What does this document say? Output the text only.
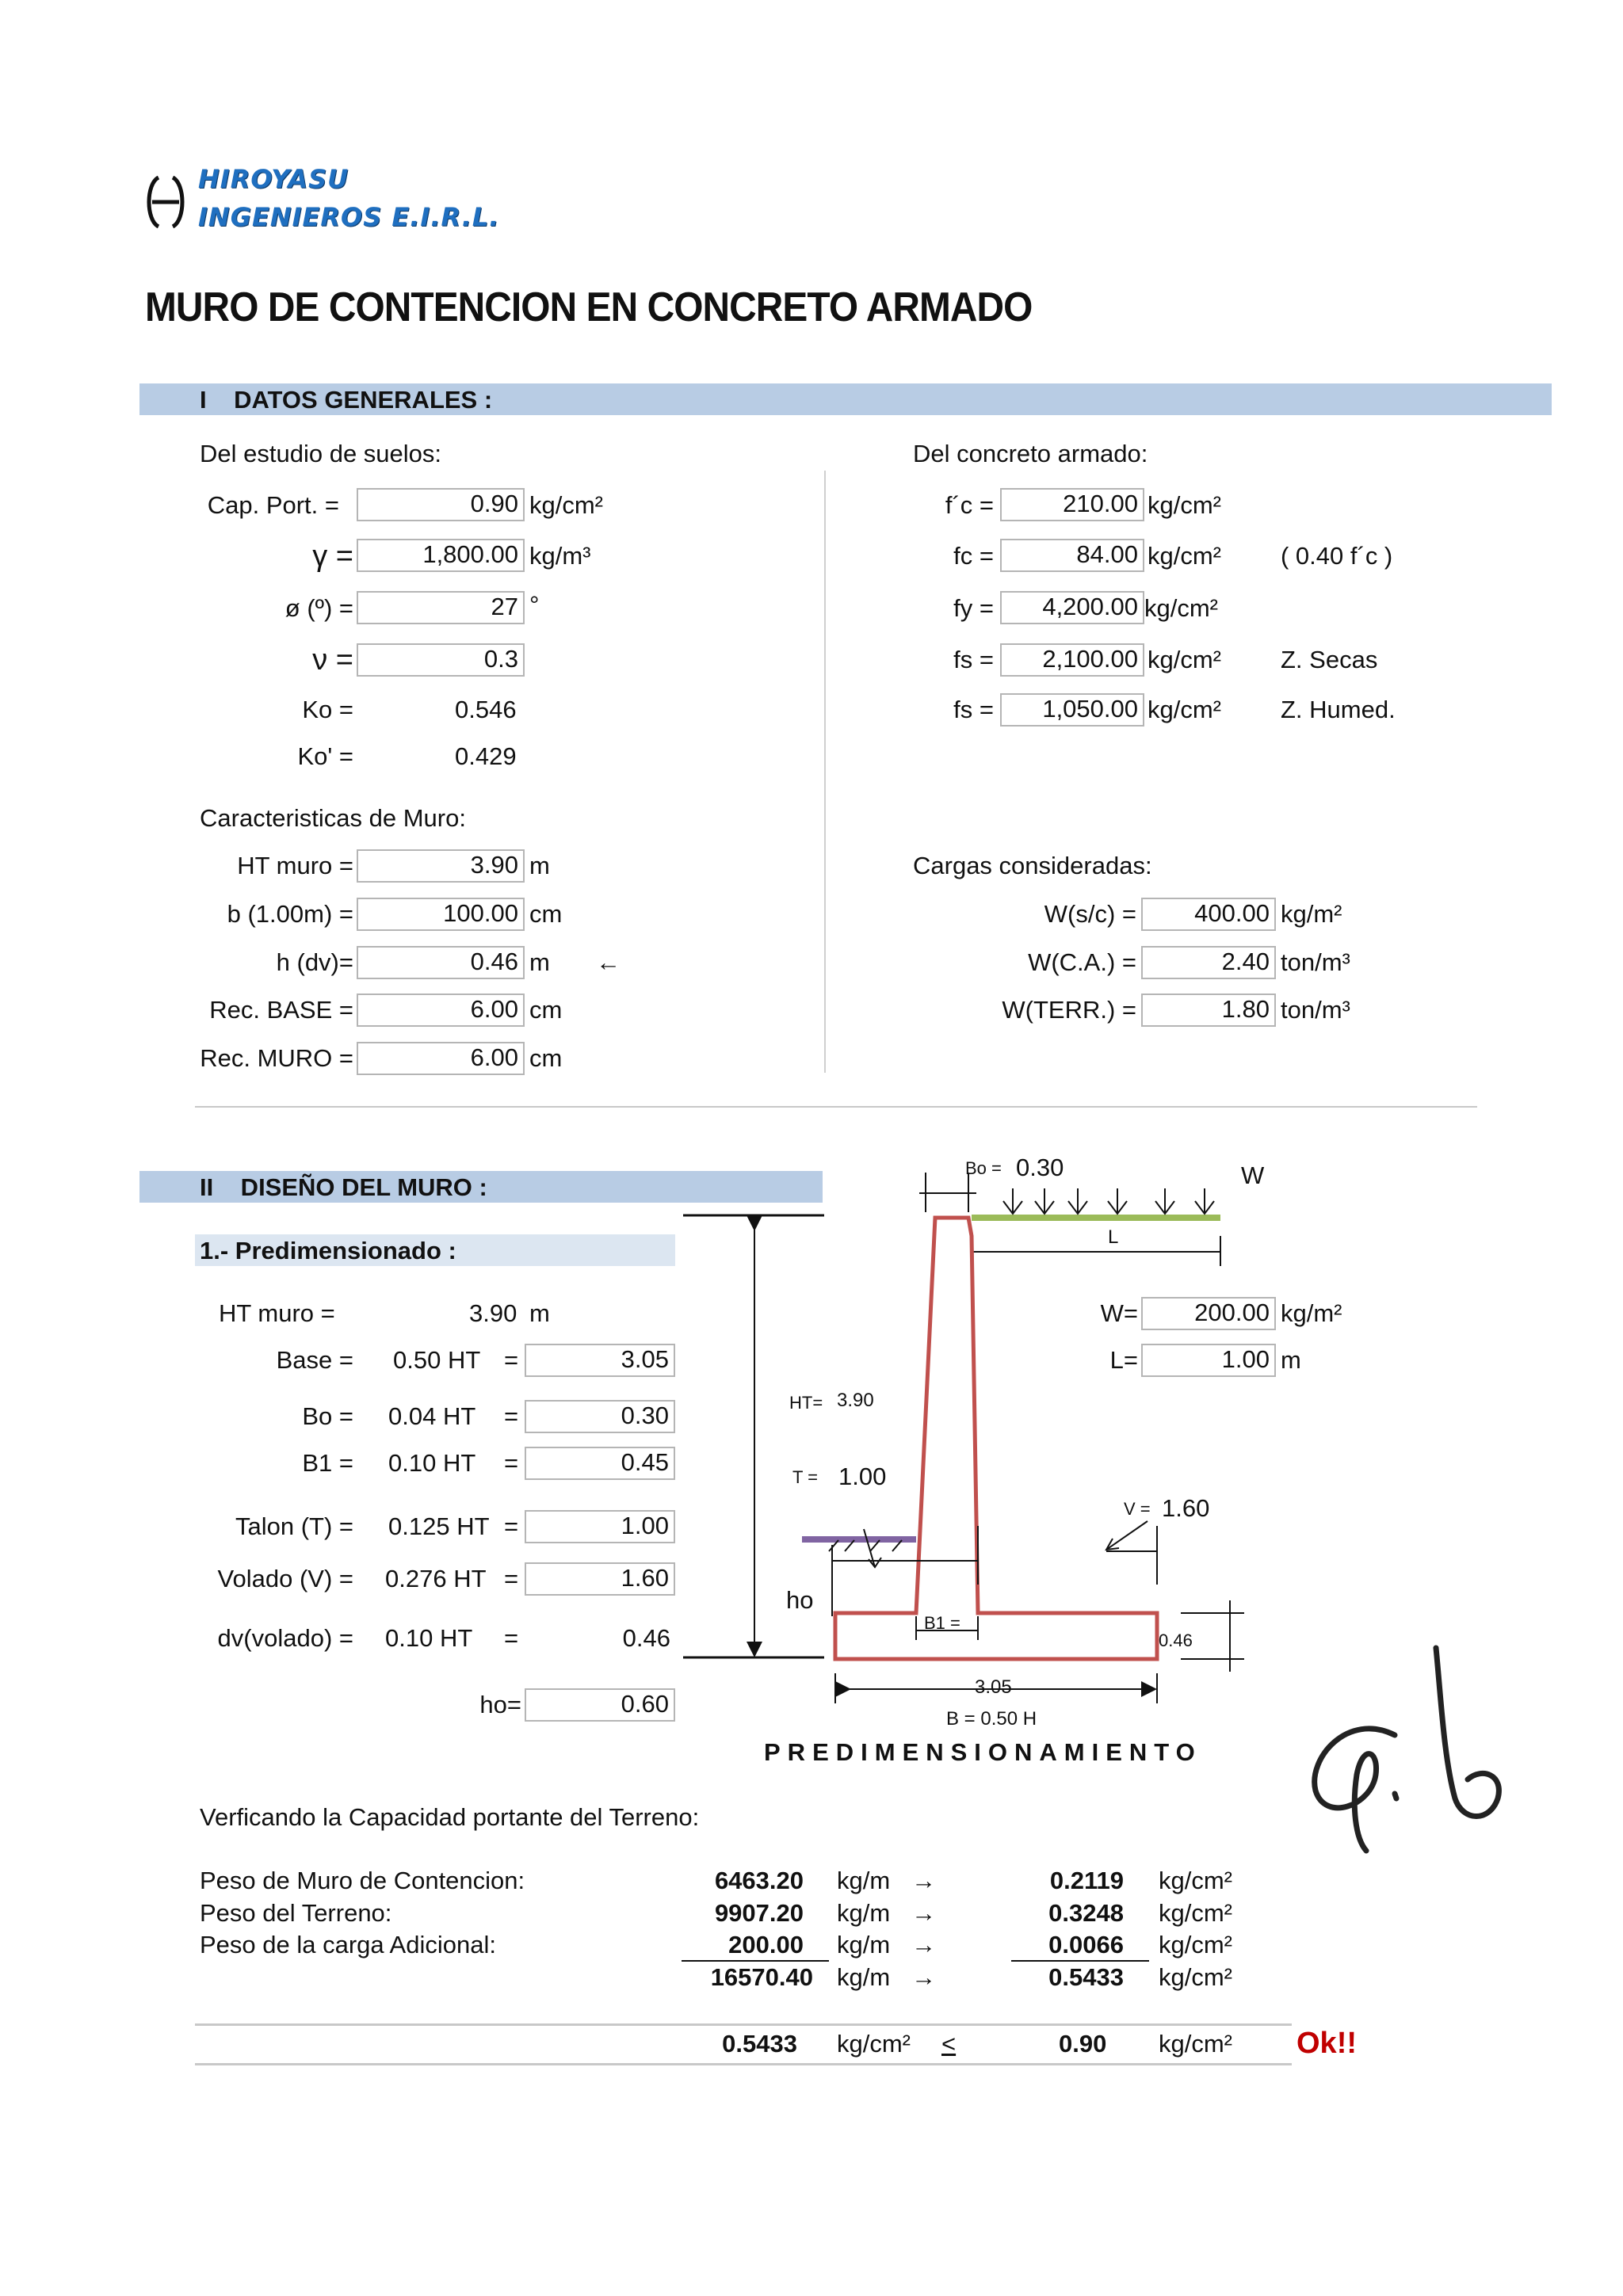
HIROYASU
INGENIEROS E.I.R.L.
MURO DE CONTENCION EN CONCRETO ARMADO
I    DATOS GENERALES :
Del estudio de suelos:	Del concreto armado:
Cap. Port. =	0.90 kg/cm²
γ =	1,800.00 kg/m³
ø (º) =	27 °
ν =	0.3
Ko =	0.546
Ko' =	0.429
f´c =	210.00 kg/cm²
fc =	84.00 kg/cm² ( 0.40 f´c )
fy =	4,200.00 kg/cm²
fs =	2,100.00 kg/cm² Z. Secas
fs =	1,050.00 kg/cm² Z. Humed.
Caracteristicas de Muro:
HT muro =	3.90 m
b (1.00m) =	100.00 cm
h (dv)=	0.46 m ←
Rec. BASE =	6.00 cm
Rec. MURO =	6.00 cm
Cargas consideradas:
W(s/c) =	400.00 kg/m²
W(C.A.) =	2.40 ton/m³
W(TERR.) =	1.80 ton/m³
II    DISEÑO DEL MURO :
1.- Predimensionado :
HT muro =	3.90 m
Base = 0.50 HT =	3.05
Bo = 0.04 HT =	0.30
B1 = 0.10 HT =	0.45
Talon (T) = 0.125 HT =	1.00
Volado (V) = 0.276 HT =	1.60
dv(volado) = 0.10 HT =	0.46
ho=	0.60
W=	200.00 kg/m²
L=	1.00 m
Bo = 0.30	W
L
HT= 3.90
T = 1.00
V = 1.60
ho
B1 =
0.46
3.05
B = 0.50 H
PREDIMENSIONAMIENTO
Verficando la Capacidad portante del Terreno:
Peso de Muro de Contencion:	6463.20 kg/m →	0.2119 kg/cm²
Peso del Terreno:	9907.20 kg/m →	0.3248 kg/cm²
Peso de la carga Adicional:	200.00 kg/m →	0.0066 kg/cm²
16570.40 kg/m →	0.5433 kg/cm²
0.5433 kg/cm² <	0.90 kg/cm² Ok!!
